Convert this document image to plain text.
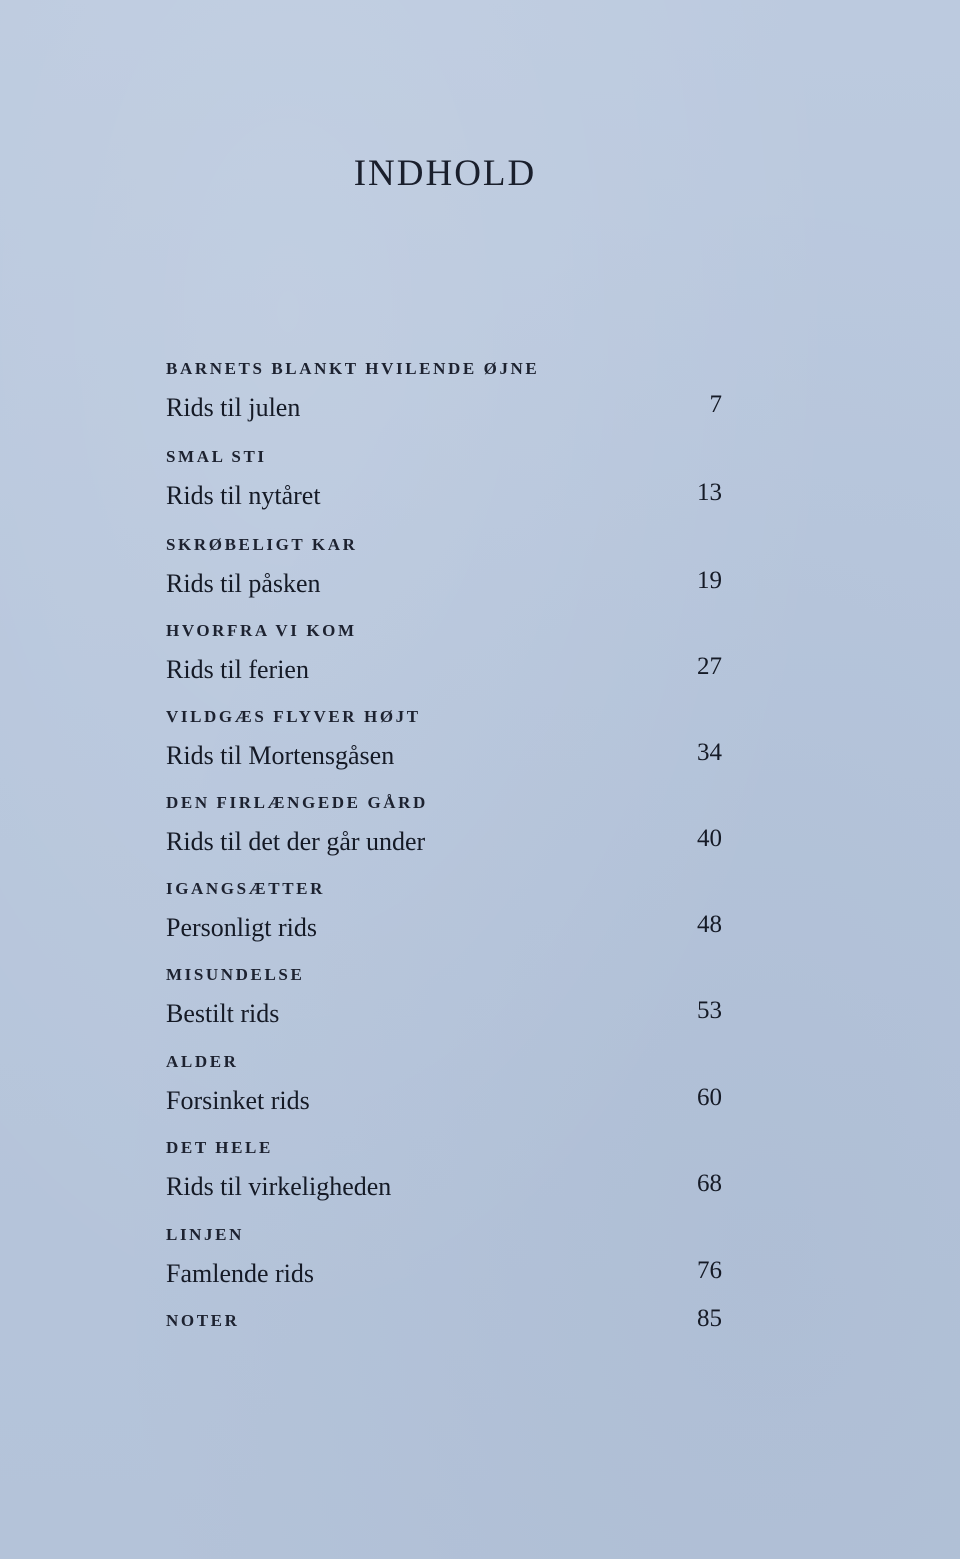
INDHOLD
BARNETS BLANKT HVILENDE ØJNE
Rids til julen	7
SMAL STI
Rids til nytåret	13
SKRØBELIGT KAR
Rids til påsken	19
HVORFRA VI KOM
Rids til ferien	27
VILDGÆS FLYVER HØJT
Rids til Mortensgåsen	34
DEN FIRLÆNGEDE GÅRD
Rids til det der går under	40
IGANGSÆTTER
Personligt rids	48
MISUNDELSE
Bestilt rids	53
ALDER
Forsinket rids	60
DET HELE
Rids til virkeligheden	68
LINJEN
Famlende rids	76
NOTER	85
